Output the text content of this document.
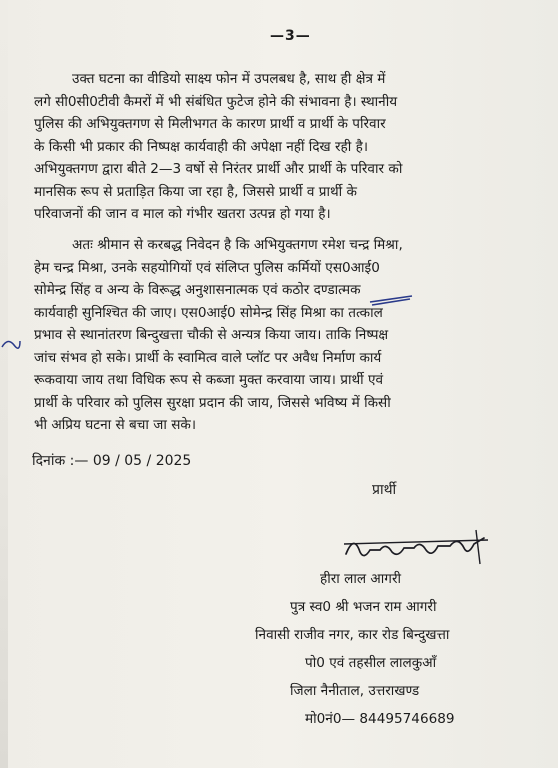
—3—
उक्त घटना का वीडियो साक्ष्य फोन में उपलबध है, साथ ही क्षेत्र में
लगे सी0सी0टीवी कैमरों में भी संबंधित फुटेज होने की संभावना है। स्थानीय
पुलिस की अभियुक्तगण से मिलीभगत के कारण प्रार्थी व प्रार्थी के परिवार
के किसी भी प्रकार की निष्पक्ष कार्यवाही की अपेक्षा नहीं दिख रही है।
अभियुक्तगण द्वारा बीते 2—3 वर्षो से निरंतर प्रार्थी और प्रार्थी के परिवार को
मानसिक रूप से प्रताड़ित किया जा रहा है, जिससे प्रार्थी व प्रार्थी के
परिवाजनों की जान व माल को गंभीर खतरा उत्पन्न हो गया है।
अतः श्रीमान से करबद्ध निवेदन है कि अभियुक्तगण रमेश चन्द्र मिश्रा,
हेम चन्द्र मिश्रा, उनके सहयोगियों एवं संलिप्त पुलिस कर्मियों एस0आई0
सोमेन्द्र सिंह व अन्य के विरूद्ध अनुशासनात्मक एवं कठोर दण्डात्मक
कार्यवाही सुनिश्चित की जाए। एस0आई0 सोमेन्द्र सिंह मिश्रा का तत्काल
प्रभाव से स्थानांतरण बिन्दुखत्ता चौकी से अन्यत्र किया जाय। ताकि निष्पक्ष
जांच संभव हो सके। प्रार्थी के स्वामित्व वाले प्लॉट पर अवैध निर्माण कार्य
रूकवाया जाय तथा विधिक रूप से कब्जा मुक्त करवाया जाय। प्रार्थी एवं
प्रार्थी के परिवार को पुलिस सुरक्षा प्रदान की जाय, जिससे भविष्य में किसी
भी अप्रिय घटना से बचा जा सके।
दिनांक :— 09 / 05 / 2025
प्रार्थी
हीरा लाल आगरी
पुत्र स्व0 श्री भजन राम आगरी
निवासी राजीव नगर, कार रोड बिन्दुखत्ता
पो0 एवं तहसील लालकुऑं
जिला नैनीताल, उत्तराखण्ड
मो0नं0— 84495746689
